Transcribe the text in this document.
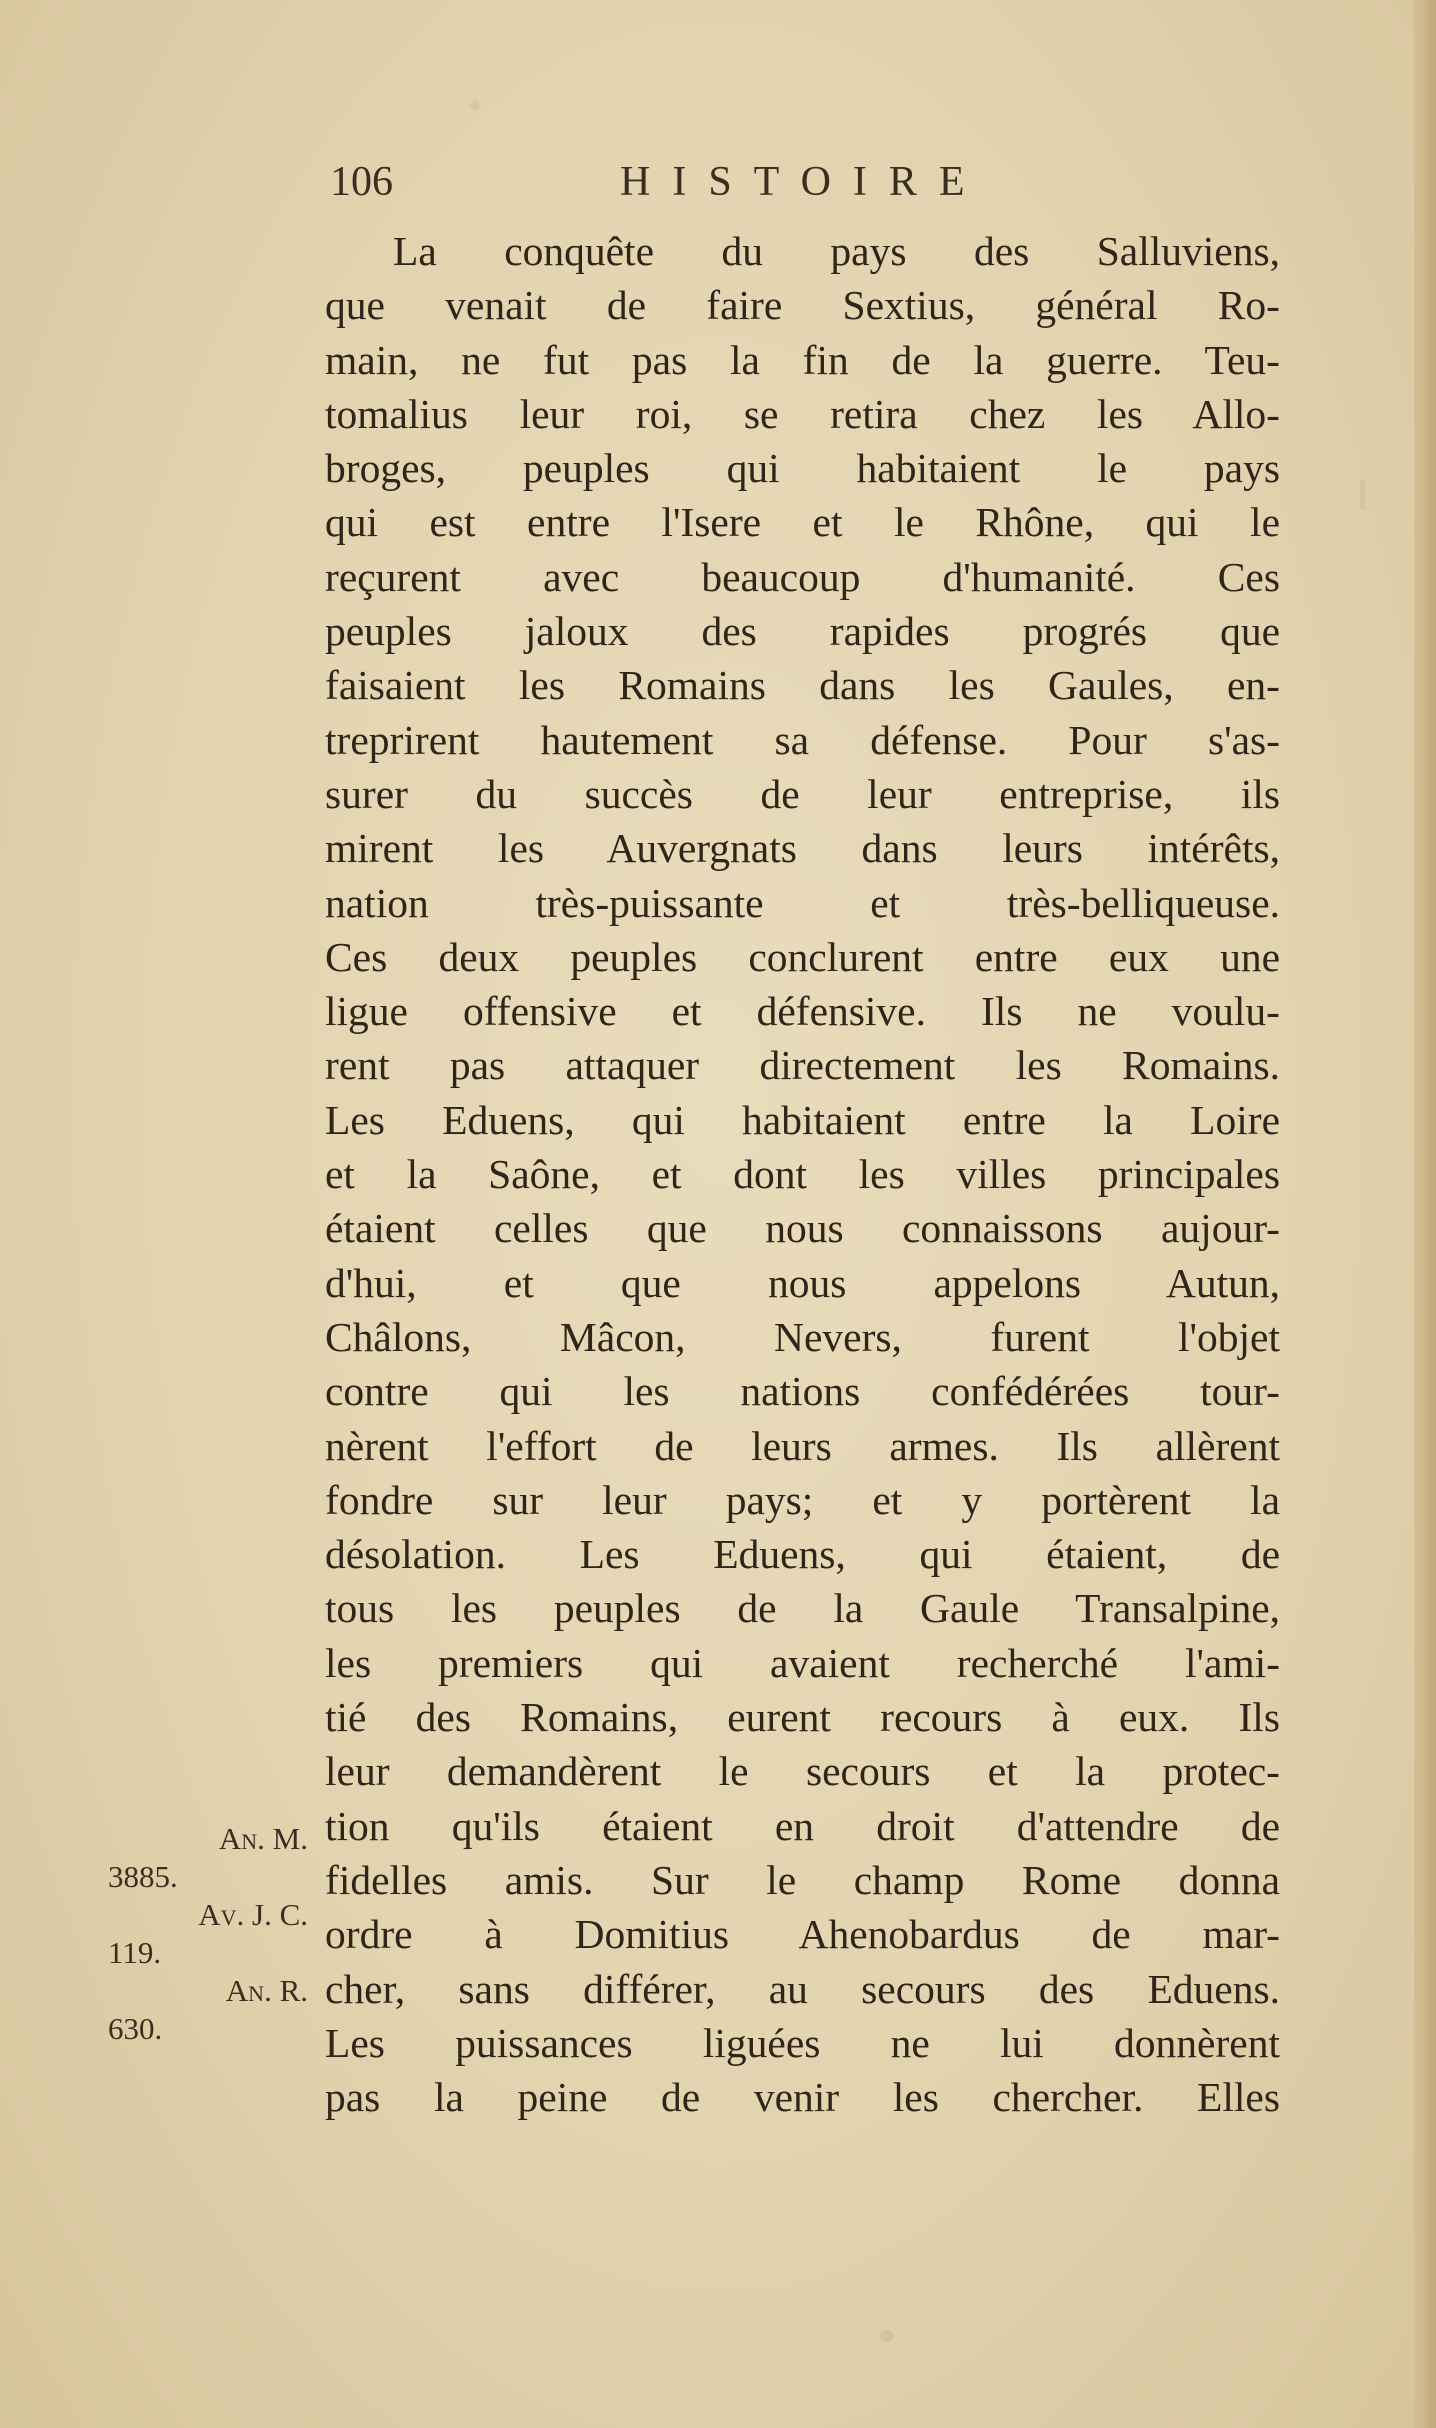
106	HISTOIRE
La conquête du pays des Salluviens,
que venait de faire Sextius, général Ro-
main, ne fut pas la fin de la guerre. Teu-
tomalius leur roi, se retira chez les Allo-
broges, peuples qui habitaient le pays
qui est entre l'Isere et le Rhône, qui le
reçurent avec beaucoup d'humanité. Ces
peuples jaloux des rapides progrés que
faisaient les Romains dans les Gaules, en-
treprirent hautement sa défense. Pour s'as-
surer du succès de leur entreprise, ils
mirent les Auvergnats dans leurs intérêts,
nation très-puissante et très-belliqueuse.
Ces deux peuples conclurent entre eux une
ligue offensive et défensive. Ils ne voulu-
rent pas attaquer directement les Romains.
Les Eduens, qui habitaient entre la Loire
et la Saône, et dont les villes principales
étaient celles que nous connaissons aujour-
d'hui, et que nous appelons Autun,
Châlons, Mâcon, Nevers, furent l'objet
contre qui les nations confédérées tour-
nèrent l'effort de leurs armes. Ils allèrent
fondre sur leur pays; et y portèrent la
désolation. Les Eduens, qui étaient, de
tous les peuples de la Gaule Transalpine,
les premiers qui avaient recherché l'ami-
tié des Romains, eurent recours à eux. Ils
leur demandèrent le secours et la protec-
tion qu'ils étaient en droit d'attendre de
fidelles amis. Sur le champ Rome donna
ordre à Domitius Ahenobardus de mar-
cher, sans différer, au secours des Eduens.
Les puissances liguées ne lui donnèrent
pas la peine de venir les chercher. Elles
An. M.
3885.
Av. J. C.
119.
An. R.
630.
